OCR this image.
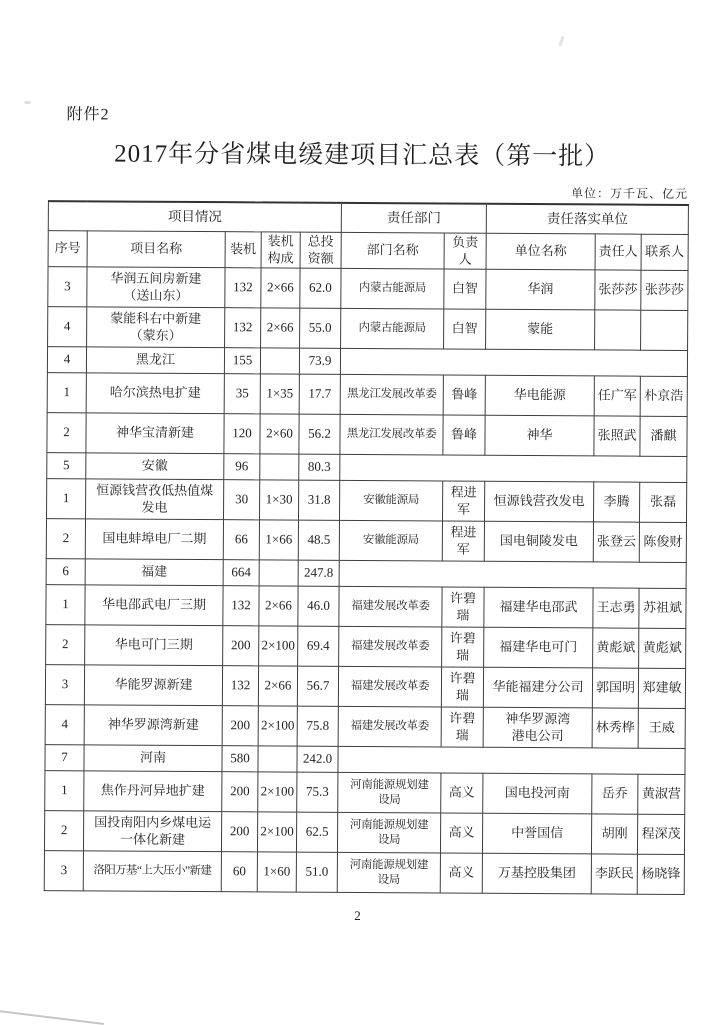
附件2
2017年分省煤电缓建项目汇总表（第一批）
单位：万千瓦、亿元
项目情况					责任部门		责任落实单位		
序号	项目名称	装机	装机
构成	总投
资额	部门名称	负责人	单位名称	责任人	联系人
3	华润五间房新建
（送山东）	132	2×66	62.0	内蒙古能源局	白智	华润	张莎莎	张莎莎
4	蒙能科右中新建
（蒙东）	132	2×66	55.0	内蒙古能源局	白智	蒙能		
4	黑龙江	155		73.9					
1	哈尔滨热电扩建	35	1×35	17.7	黑龙江发展改革委	鲁峰	华电能源	任广军	朴京浩
2	神华宝清新建	120	2×60	56.2	黑龙江发展改革委	鲁峰	神华	张照武	潘麒
5	安徽	96		80.3					
1	恒源钱营孜低热值煤
发电	30	1×30	31.8	安徽能源局	程进军	恒源钱营孜发电	李腾	张磊
2	国电蚌埠电厂二期	66	1×66	48.5	安徽能源局	程进军	国电铜陵发电	张登云	陈俊财
6	福建	664		247.8					
1	华电邵武电厂三期	132	2×66	46.0	福建发展改革委	许碧瑞	福建华电邵武	王志勇	苏祖斌
2	华电可门三期	200	2×100	69.4	福建发展改革委	许碧瑞	福建华电可门	黄彪斌	黄彪斌
3	华能罗源新建	132	2×66	56.7	福建发展改革委	许碧瑞	华能福建分公司	郭国明	郑建敏
4	神华罗源湾新建	200	2×100	75.8	福建发展改革委	许碧瑞	神华罗源湾
港电公司	林秀桦	王威
7	河南	580		242.0					
1	焦作丹河异地扩建	200	2×100	75.3	河南能源规划建
设局	高义	国电投河南	岳乔	黄淑营
2	国投南阳内乡煤电运
一体化新建	200	2×100	62.5	河南能源规划建
设局	高义	中誉国信	胡刚	程深茂
3	洛阳万基“上大压小”新建	60	1×60	51.0	河南能源规划建
设局	高义	万基控股集团	李跃民	杨晓锋
2
